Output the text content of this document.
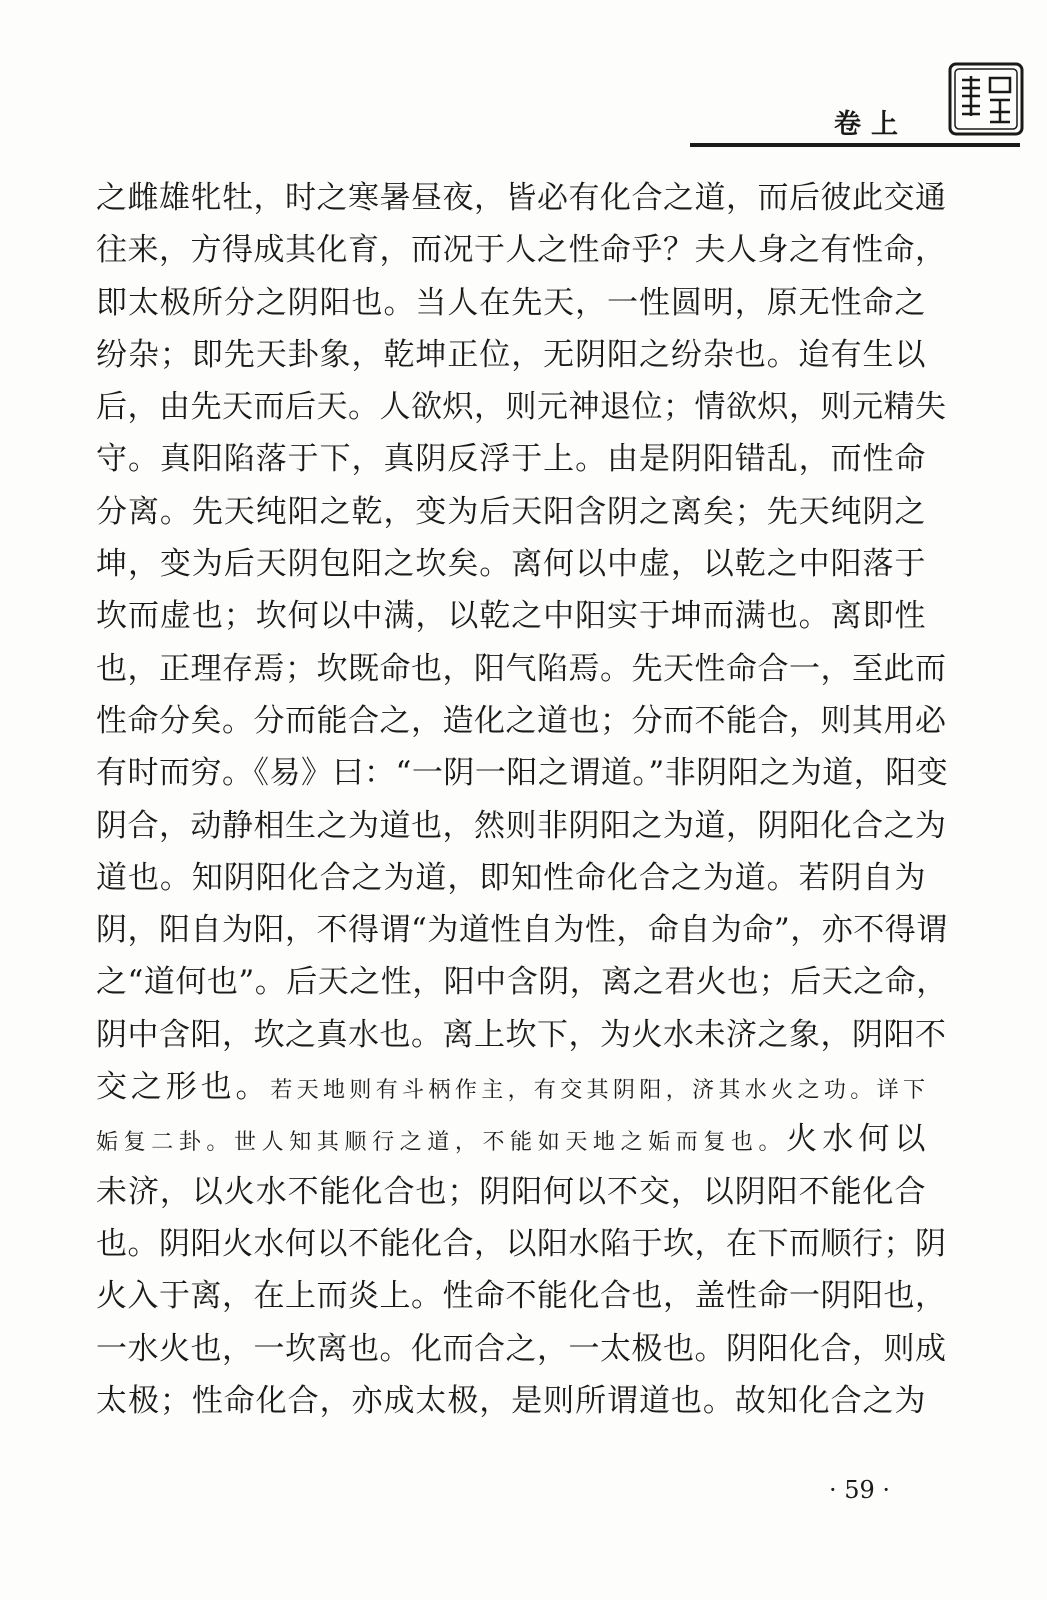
卷上
之雌雄牝牡，时之寒暑昼夜，皆必有化合之道，而后彼此交通
往来，方得成其化育，而况于人之性命乎？夫人身之有性命，
即太极所分之阴阳也。当人在先天，一性圆明，原无性命之
纷杂；即先天卦象，乾坤正位，无阴阳之纷杂也。迨有生以
后，由先天而后天。人欲炽，则元神退位；情欲炽，则元精失
守。真阳陷落于下，真阴反浮于上。由是阴阳错乱，而性命
分离。先天纯阳之乾，变为后天阳含阴之离矣；先天纯阴之
坤，变为后天阴包阳之坎矣。离何以中虚，以乾之中阳落于
坎而虚也；坎何以中满，以乾之中阳实于坤而满也。离即性
也，正理存焉；坎既命也，阳气陷焉。先天性命合一，至此而
性命分矣。分而能合之，造化之道也；分而不能合，则其用必
有时而穷。《易》曰：“一阴一阳之谓道。”非阴阳之为道，阳变
阴合，动静相生之为道也，然则非阴阳之为道，阴阳化合之为
道也。知阴阳化合之为道，即知性命化合之为道。若阴自为
阴，阳自为阳，不得谓“为道性自为性，命自为命”，亦不得谓
之“道何也”。后天之性，阳中含阴，离之君火也；后天之命，
阴中含阳，坎之真水也。离上坎下，为火水未济之象，阴阳不
交之形也。若天地则有斗柄作主，有交其阴阳，济其水火之功。详下
姤复二卦。世人知其顺行之道，不能如天地之姤而复也。火水何以
未济，以火水不能化合也；阴阳何以不交，以阴阳不能化合
也。阴阳火水何以不能化合，以阳水陷于坎，在下而顺行；阴
火入于离，在上而炎上。性命不能化合也，盖性命一阴阳也，
一水火也，一坎离也。化而合之，一太极也。阴阳化合，则成
太极；性命化合，亦成太极，是则所谓道也。故知化合之为
· 59 ·
